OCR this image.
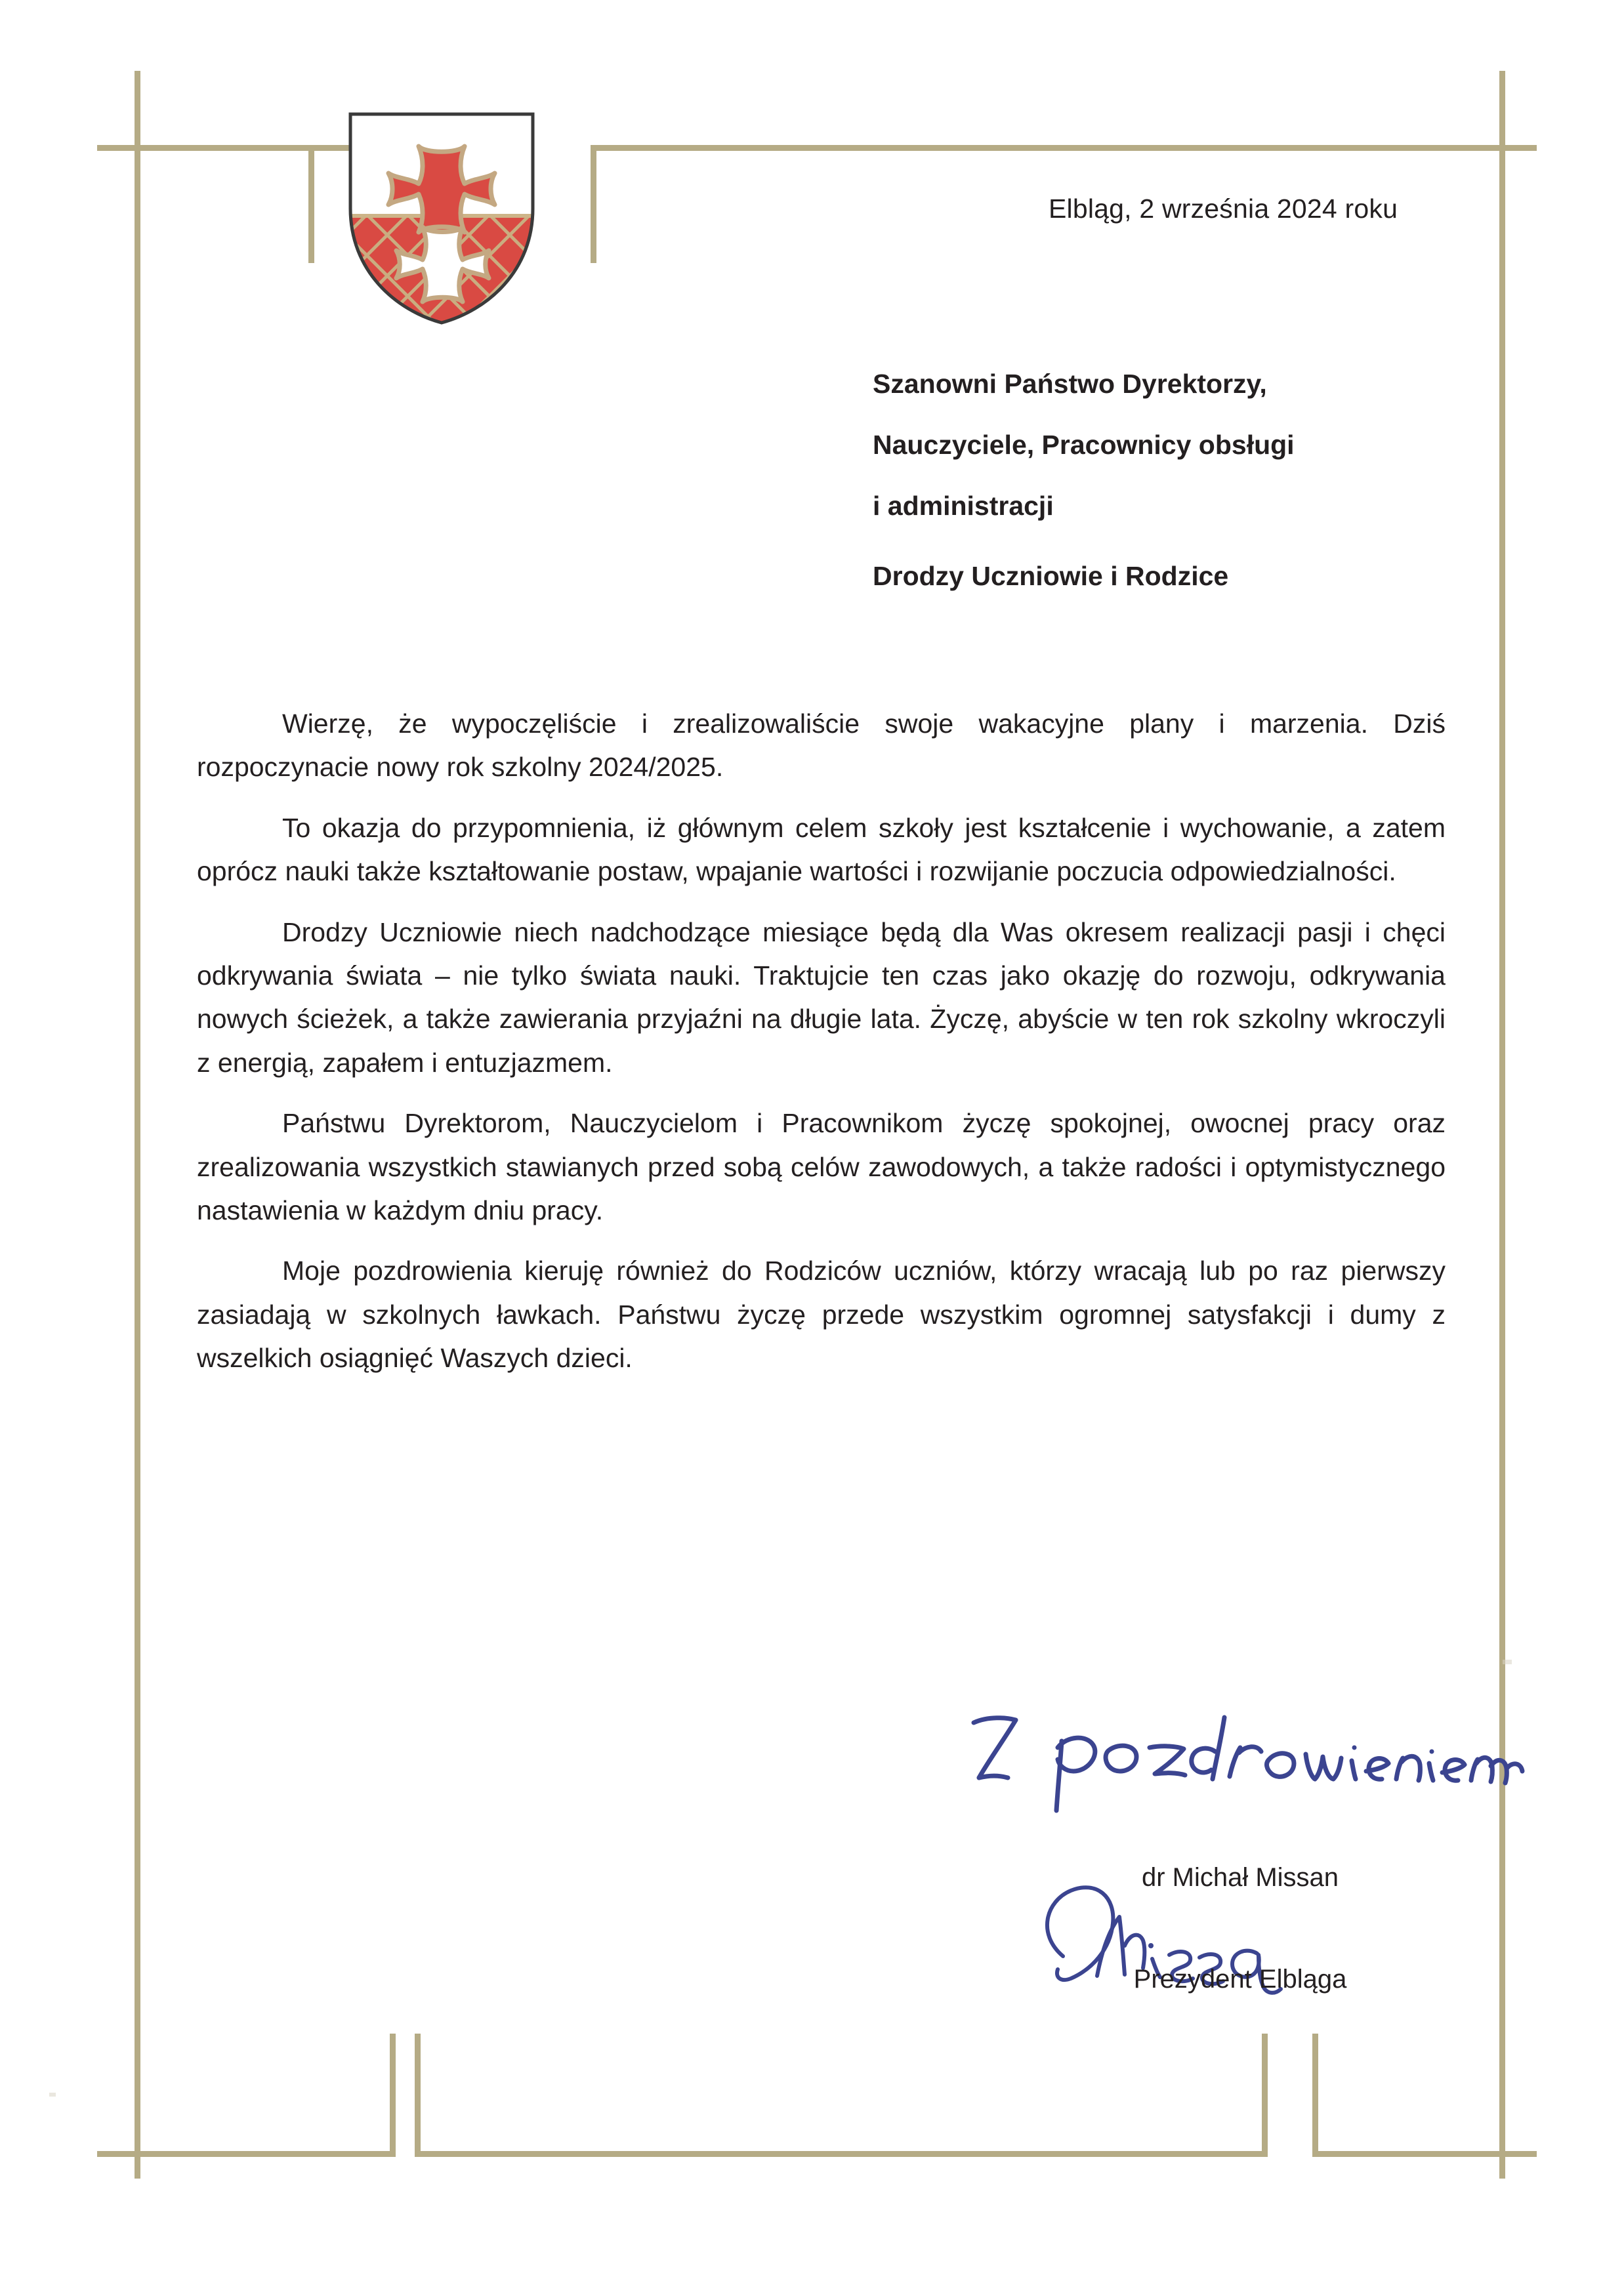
Elbląg, 2 września 2024 roku
Szanowni Państwo Dyrektorzy,
Nauczyciele, Pracownicy obsługi
i administracji
Drodzy Uczniowie i Rodzice

Wierzę, że wypoczęliście i zrealizowaliście swoje wakacyjne plany i marzenia. Dziś rozpoczynacie nowy rok szkolny 2024/2025.

To okazja do przypomnienia, iż głównym celem szkoły jest kształcenie i wychowanie, a zatem oprócz nauki także kształtowanie postaw, wpajanie wartości i rozwijanie poczucia odpowiedzialności.

Drodzy Uczniowie niech nadchodzące miesiące będą dla Was okresem realizacji pasji i chęci odkrywania świata – nie tylko świata nauki. Traktujcie ten czas jako okazję do rozwoju, odkrywania nowych ścieżek, a także zawierania przyjaźni na długie lata. Życzę, abyście w ten rok szkolny wkroczyli z energią, zapałem i entuzjazmem.

Państwu Dyrektorom, Nauczycielom i Pracownikom życzę spokojnej, owocnej pracy oraz zrealizowania wszystkich stawianych przed sobą celów zawodowych, a także radości i optymistycznego nastawienia w każdym dniu pracy.

Moje pozdrowienia kieruję również do Rodziców uczniów, którzy wracają lub po raz pierwszy zasiadają w szkolnych ławkach. Państwu życzę przede wszystkim ogromnej satysfakcji i dumy z wszelkich osiągnięć Waszych dzieci.

dr Michał Missan
Prezydent Elbląga
